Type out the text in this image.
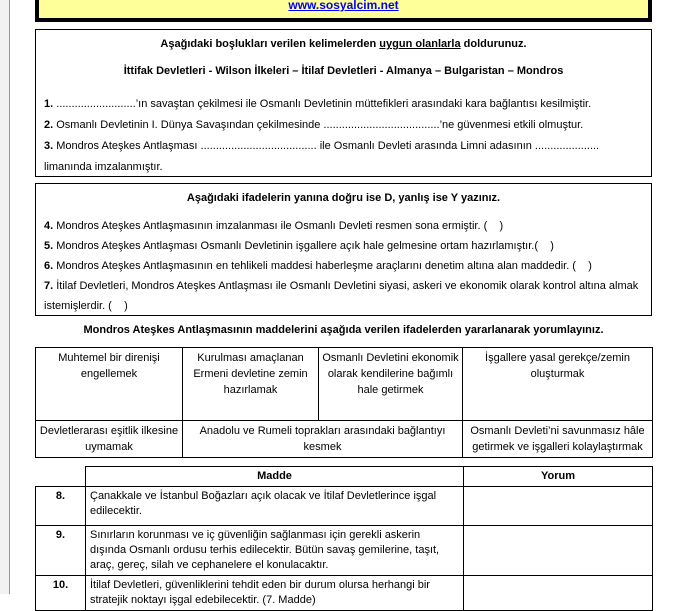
www.sosyalcim.net
Aşağıdaki boşlukları verilen kelimelerden uygun olanlarla doldurunuz.
İttifak Devletleri - Wilson İlkeleri – İtilaf Devletleri - Almanya – Bulgaristan – Mondros
1. ..........................’ın savaştan çekilmesi ile Osmanlı Devletinin müttefikleri arasındaki kara bağlantısı kesilmiştir.
2. Osmanlı Devletinin I. Dünya Savaşından çekilmesinde ......................................’ne güvenmesi etkili olmuştur.
3. Mondros Ateşkes Antlaşması ...................................... ile Osmanlı Devleti arasında Limni adasının ..................... limanında imzalanmıştır.
Aşağıdaki ifadelerin yanına doğru ise D, yanlış ise Y yazınız.
4. Mondros Ateşkes Antlaşmasının imzalanması ile Osmanlı Devleti resmen sona ermiştir. (    )
5. Mondros Ateşkes Antlaşması Osmanlı Devletinin işgallere açık hale gelmesine ortam hazırlamıştır.(    )
6. Mondros Ateşkes Antlaşmasının en tehlikeli maddesi haberleşme araçlarını denetim altına alan maddedir. (    )
7. İtilaf Devletleri, Mondros Ateşkes Antlaşması ile Osmanlı Devletini siyasi, askeri ve ekonomik olarak kontrol altına almak istemişlerdir. (    )
Mondros Ateşkes Antlaşmasının maddelerini aşağıda verilen ifadelerden yararlanarak yorumlayınız.
Muhtemel bir direnişi engellemek	Kurulması amaçlanan Ermeni devletine zemin hazırlamak	Osmanlı Devletini ekonomik olarak kendilerine bağımlı hale getirmek	İşgallere yasal gerekçe/zemin oluşturmak
Devletlerarası eşitlik ilkesine uymamak	Anadolu ve Rumeli toprakları arasındaki bağlantıyı kesmek		Osmanlı Devleti’ni savunmasız hâle getirmek ve işgalleri kolaylaştırmak
	Madde	Yorum
8.	Çanakkale ve İstanbul Boğazları açık olacak ve İtilaf Devletlerince işgal edilecektir.	
9.	Sınırların korunması ve iç güvenliğin sağlanması için gerekli askerin dışında Osmanlı ordusu terhis edilecektir. Bütün savaş gemilerine, taşıt, araç, gereç, silah ve cephanelere el konulacaktır.	
10.	İtilaf Devletleri, güvenliklerini tehdit eden bir durum olursa herhangi bir stratejik noktayı işgal edebilecektir. (7. Madde)	
